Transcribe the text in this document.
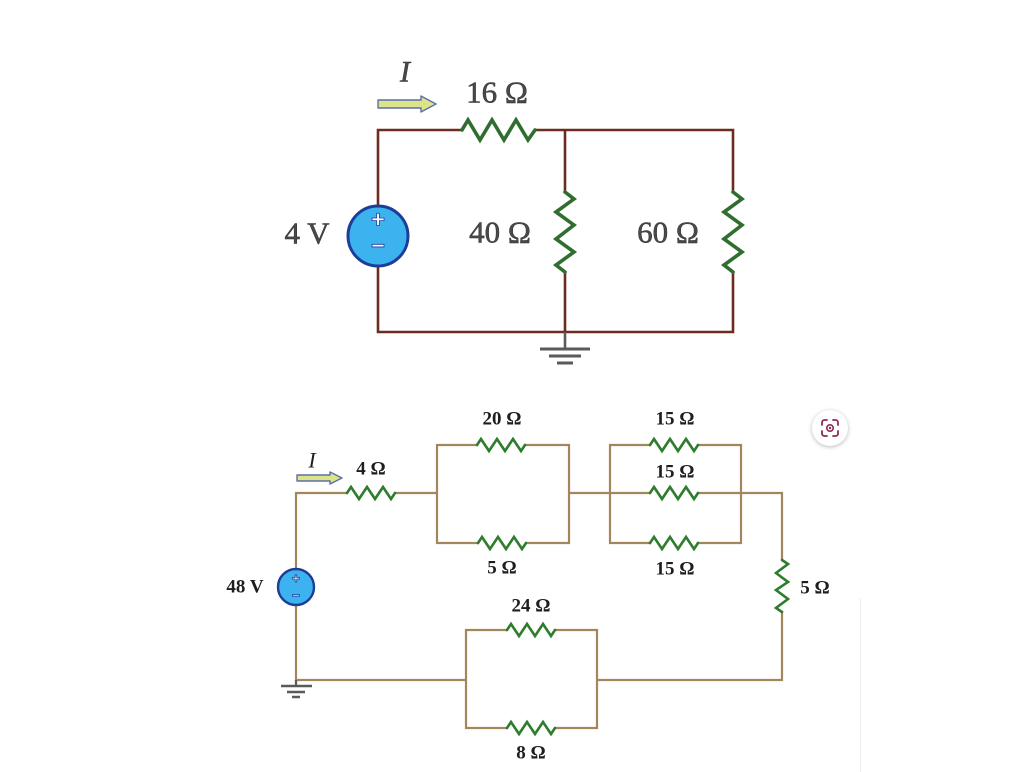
+
−
I
16 Ω
4 V	40 Ω	60 Ω
+
−
I 4 Ω
20 Ω
5 Ω
15 Ω
15 Ω
15 Ω
48 V	5 Ω
24 Ω
8 Ω
